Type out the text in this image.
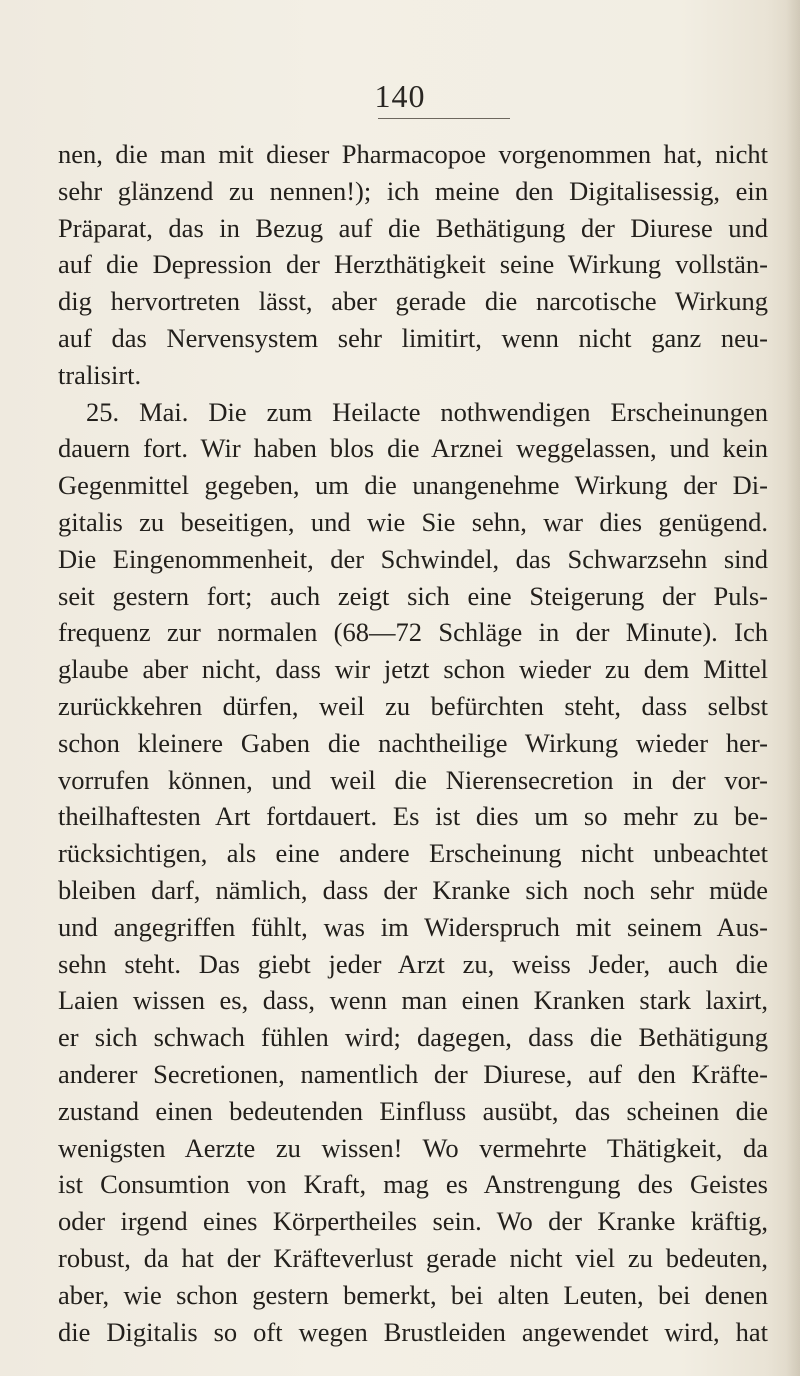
140
nen, die man mit dieser Pharmacopoe vorgenommen hat, nicht
sehr glänzend zu nennen!); ich meine den Digitalisessig, ein
Präparat, das in Bezug auf die Bethätigung der Diurese und
auf die Depression der Herzthätigkeit seine Wirkung vollstän-
dig hervortreten lässt, aber gerade die narcotische Wirkung
auf das Nervensystem sehr limitirt, wenn nicht ganz neu-
tralisirt.
25. Mai. Die zum Heilacte nothwendigen Erscheinungen
dauern fort. Wir haben blos die Arznei weggelassen, und kein
Gegenmittel gegeben, um die unangenehme Wirkung der Di-
gitalis zu beseitigen, und wie Sie sehn, war dies genügend.
Die Eingenommenheit, der Schwindel, das Schwarzsehn sind
seit gestern fort; auch zeigt sich eine Steigerung der Puls-
frequenz zur normalen (68—72 Schläge in der Minute). Ich
glaube aber nicht, dass wir jetzt schon wieder zu dem Mittel
zurückkehren dürfen, weil zu befürchten steht, dass selbst
schon kleinere Gaben die nachtheilige Wirkung wieder her-
vorrufen können, und weil die Nierensecretion in der vor-
theilhaftesten Art fortdauert. Es ist dies um so mehr zu be-
rücksichtigen, als eine andere Erscheinung nicht unbeachtet
bleiben darf, nämlich, dass der Kranke sich noch sehr müde
und angegriffen fühlt, was im Widerspruch mit seinem Aus-
sehn steht. Das giebt jeder Arzt zu, weiss Jeder, auch die
Laien wissen es, dass, wenn man einen Kranken stark laxirt,
er sich schwach fühlen wird; dagegen, dass die Bethätigung
anderer Secretionen, namentlich der Diurese, auf den Kräfte-
zustand einen bedeutenden Einfluss ausübt, das scheinen die
wenigsten Aerzte zu wissen! Wo vermehrte Thätigkeit, da
ist Consumtion von Kraft, mag es Anstrengung des Geistes
oder irgend eines Körpertheiles sein. Wo der Kranke kräftig,
robust, da hat der Kräfteverlust gerade nicht viel zu bedeuten,
aber, wie schon gestern bemerkt, bei alten Leuten, bei denen
die Digitalis so oft wegen Brustleiden angewendet wird, hat
